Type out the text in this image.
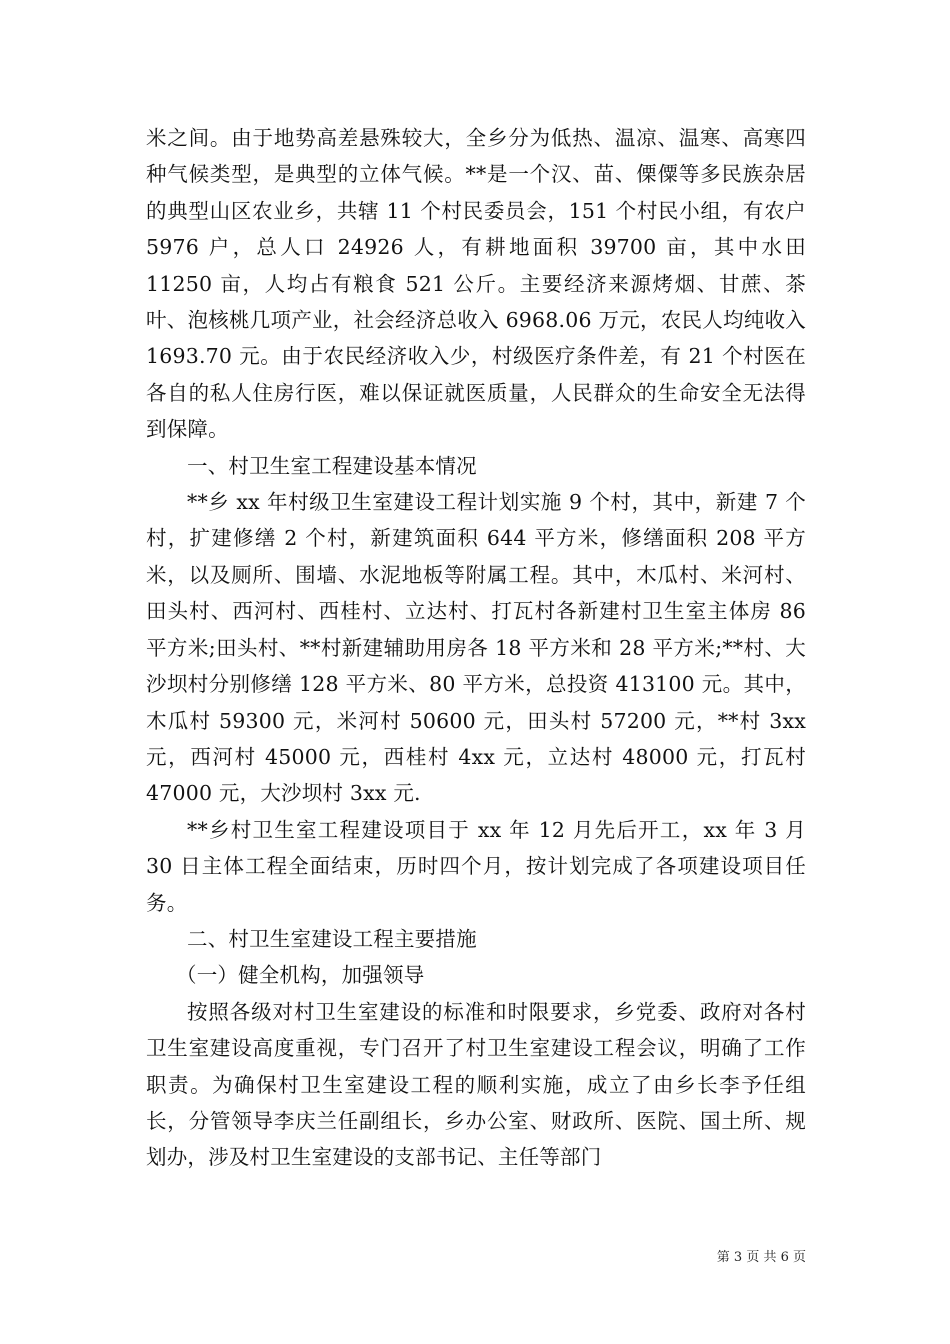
米之间。由于地势高差悬殊较大，全乡分为低热、温凉、温寒、高寒四种气候类型，是典型的立体气候。**是一个汉、苗、傈僳等多民族杂居的典型山区农业乡，共辖 11 个村民委员会，151 个村民小组，有农户 5976 户，总人口 24926 人，有耕地面积 39700 亩，其中水田 11250 亩，人均占有粮食 521 公斤。主要经济来源烤烟、甘蔗、茶叶、泡核桃几项产业，社会经济总收入 6968.06 万元，农民人均纯收入 1693.70 元。由于农民经济收入少，村级医疗条件差，有 21 个村医在各自的私人住房行医，难以保证就医质量，人民群众的生命安全无法得到保障。

一、村卫生室工程建设基本情况

**乡 xx 年村级卫生室建设工程计划实施 9 个村，其中，新建 7 个村，扩建修缮 2 个村，新建筑面积 644 平方米，修缮面积 208 平方米，以及厕所、围墙、水泥地板等附属工程。其中，木瓜村、米河村、田头村、西河村、西桂村、立达村、打瓦村各新建村卫生室主体房 86 平方米;田头村、**村新建辅助用房各 18 平方米和 28 平方米;**村、大沙坝村分别修缮 128 平方米、80 平方米，总投资 413100 元。其中，木瓜村 59300 元，米河村 50600 元，田头村 57200 元，**村 3xx 元，西河村 45000 元，西桂村 4xx 元，立达村 48000 元，打瓦村 47000 元，大沙坝村 3xx 元.

**乡村卫生室工程建设项目于 xx 年 12 月先后开工，xx 年 3 月 30 日主体工程全面结束，历时四个月，按计划完成了各项建设项目任务。

二、村卫生室建设工程主要措施

（一）健全机构，加强领导

按照各级对村卫生室建设的标准和时限要求，乡党委、政府对各村卫生室建设高度重视，专门召开了村卫生室建设工程会议，明确了工作职责。为确保村卫生室建设工程的顺利实施，成立了由乡长李予任组长，分管领导李庆兰任副组长，乡办公室、财政所、医院、国土所、规划办，涉及村卫生室建设的支部书记、主任等部门

第 3 页 共 6 页
